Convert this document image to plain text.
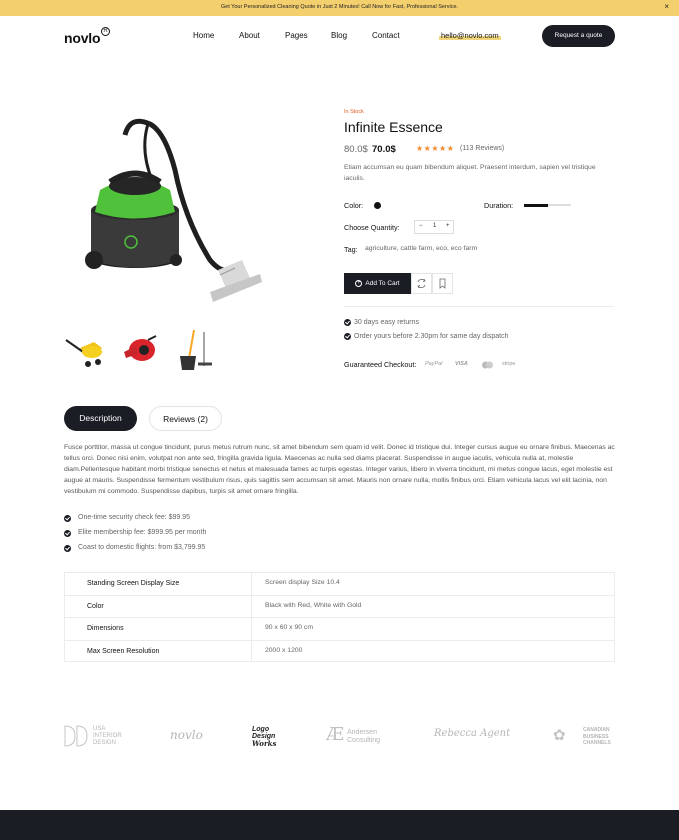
Get Your Personalized Cleaning Quote in Just 2 Minutes! Call Now for Fast, Professional Service.	×
novlo R	Home	About	Pages	Blog	Contact	hello@novlo.com	Request a quote
In Stock
Infinite Essence
80.0$ 70.0$	★★★★★ (113 Reviews)
Etiam accumsan eu quam bibendum aliquet. Praesent interdum, sapien vel tristique iaculis.
Color:	Duration:
Choose Quantity:	− 1 +
Tag: agriculture, cattle farm, eco, eco farm
+ Add To Cart
30 days easy returns
Order yours before 2.30pm for same day dispatch
Guaranteed Checkout: PayPal VISA	stripe
Description	Reviews (2)
Fusce porttitor, massa ut congue tincidunt, purus metus rutrum nunc, sit amet bibendum sem quam id velit. Donec id tristique dui. Integer cursus augue eu ornare finibus. Maecenas ac tellus orci. Donec nisi enim, volutpat non ante sed, fringilla gravida ligula. Maecenas ac nulla sed diams placerat. Suspendisse in augue iaculis, vehicula nulla at, molestie diam.Pellentesque habitant morbi tristique senectus et netus et malesuada fames ac turpis egestas. Integer varius, libero in viverra tincidunt, mi metus congue lacus, eget molestie est augue at mauris. Suspendisse fermentum vestibulum risus, quis sagittis sem accumsan sit amet. Mauris non ornare nulla, mollis finibus orci. Etiam vehicula lacus vel elit lacinia, non vestibulum mi commodo. Suspendisse dapibus, turpis sit amet ornare fringilla.
One-time security check fee: $99.95
Elite membership fee: $999.95 per month
Coast to domestic flights: from $3,799.95
Standing Screen Display Size	Screen display Size 10.4
Color	Black with Red, White with Gold
Dimensions	90 x 60 x 90 cm
Max Screen Resolution	2000 x 1200
USA
INTERIOR
DESIGN
novlo	Logo
Design
Works	Æ Andersen
Consulting
Rebecca Agent	✿	CANADIAN
BUSINESS
CHANNELS
